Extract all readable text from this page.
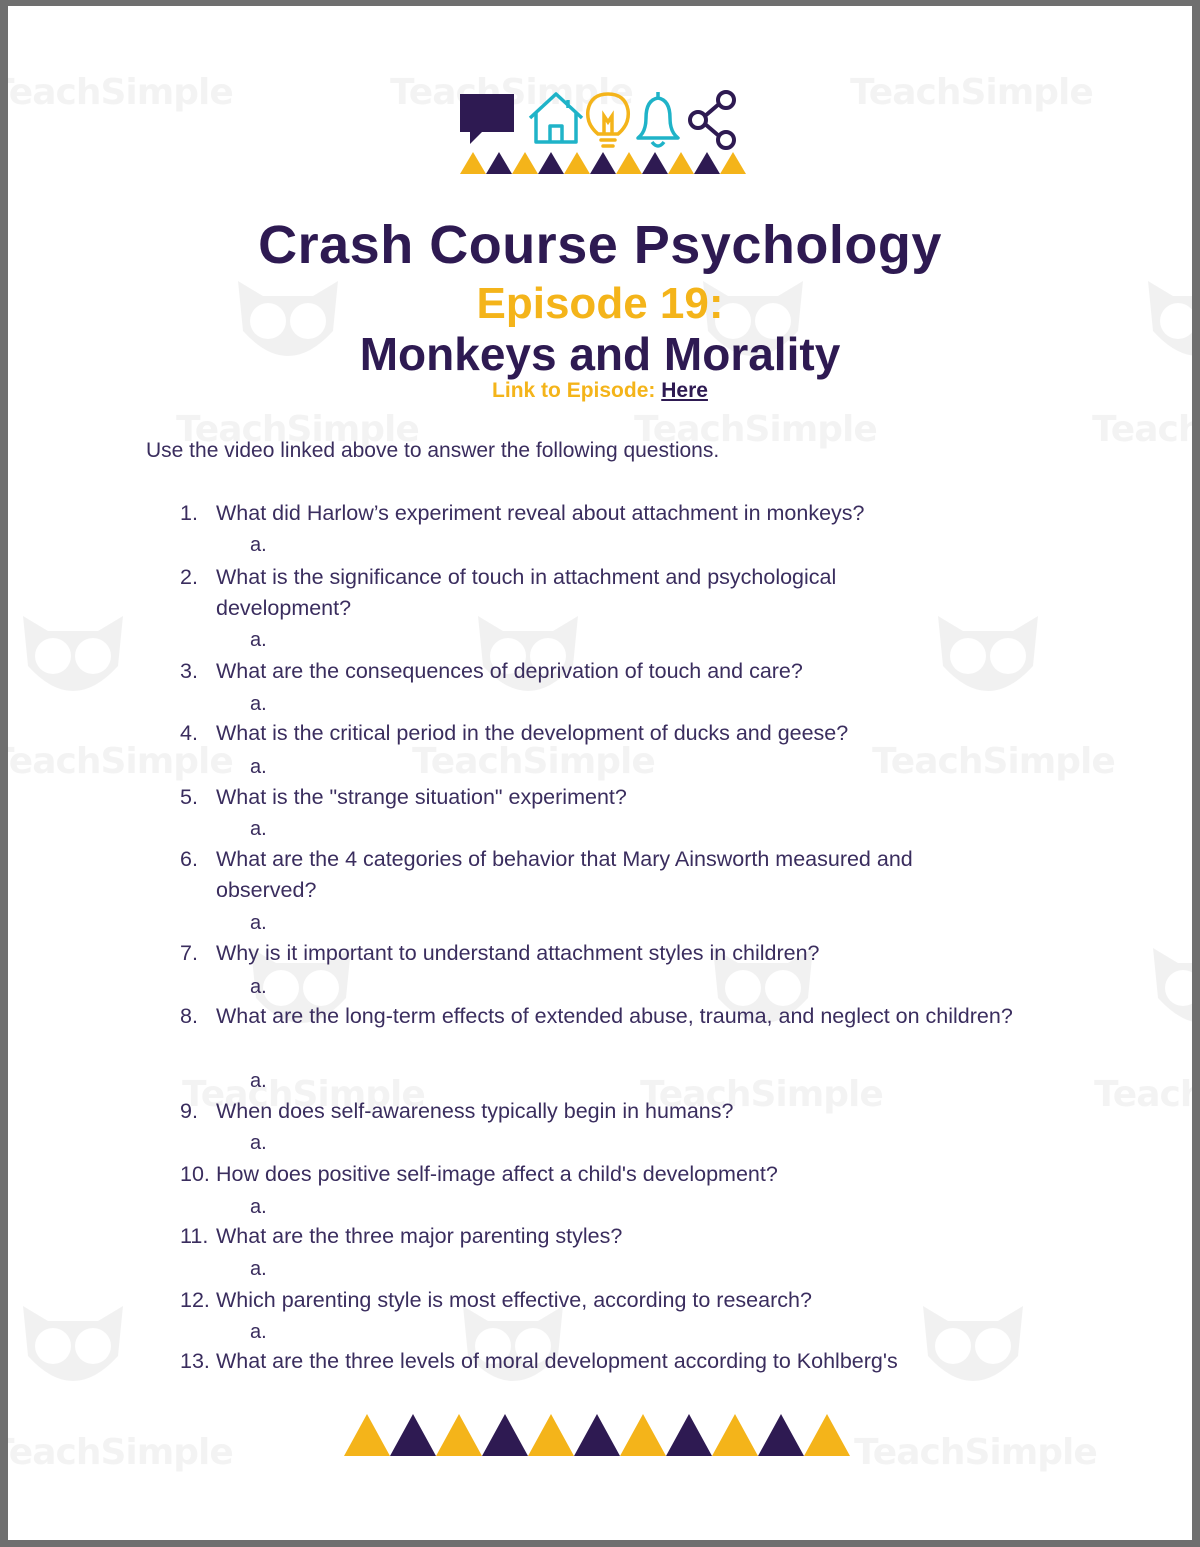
Crash Course Psychology
Episode 19:
Monkeys and Morality
Link to Episode: Here
Use the video linked above to answer the following questions.
1. What did Harlow’s experiment reveal about attachment in monkeys?
a.
2. What is the significance of touch in attachment and psychological development?
a.
3. What are the consequences of deprivation of touch and care?
a.
4. What is the critical period in the development of ducks and geese?
a.
5. What is the "strange situation" experiment?
a.
6. What are the 4 categories of behavior that Mary Ainsworth measured and observed?
a.
7. Why is it important to understand attachment styles in children?
a.
8. What are the long-term effects of extended abuse, trauma, and neglect on children?
a.
9. When does self-awareness typically begin in humans?
a.
10. How does positive self-image affect a child's development?
a.
11. What are the three major parenting styles?
a.
12. Which parenting style is most effective, according to research?
a.
13. What are the three levels of moral development according to Kohlberg's
